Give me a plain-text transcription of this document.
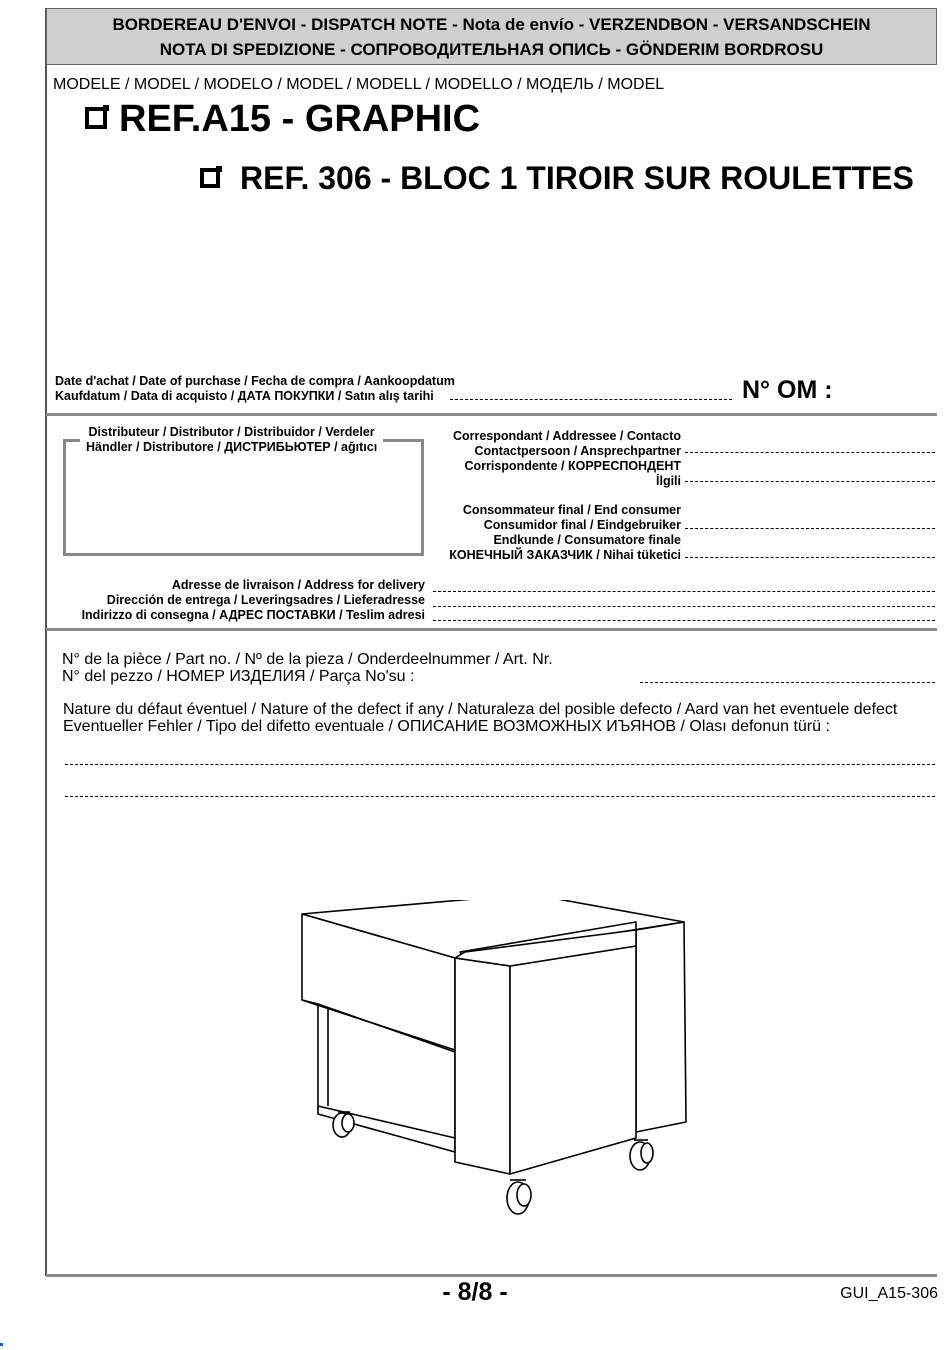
BORDEREAU D'ENVOI - DISPATCH NOTE - Nota de envío - VERZENDBON - VERSANDSCHEIN
NOTA DI SPEDIZIONE - СОПРОВОДИТЕЛЬНАЯ ОПИСЬ - GÖNDERIM BORDROSU
MODELE / MODEL / MODELO / MODEL / MODELL / MODELLO / МОДЕЛЬ / MODEL
REF.A15 - GRAPHIC
REF. 306 - BLOC 1 TIROIR SUR ROULETTES
Date d'achat / Date of purchase / Fecha de compra / Aankoopdatum
Kaufdatum / Data di acquisto / ДАТА ПОКУПКИ / Satın alış tarihi	N° OM :
Distributeur / Distributor / Distribuidor / Verdeler
Händler / Distributore / ДИСТРИБЬЮТЕР / ağıtıcı
Correspondant / Addressee / Contacto
Contactpersoon / Ansprechpartner
Corrispondente / КОРРЕСПОНДЕНТ
İlgili
Consommateur final / End consumer
Consumidor final / Eindgebruiker
Endkunde / Consumatore finale
КОНЕЧНЫЙ ЗАКАЗЧИК / Nihai tüketici
Adresse de livraison / Address for delivery
Dirección de entrega / Leveringsadres / Lieferadresse
Indirizzo di consegna / АДРЕС ПОСТАВКИ / Teslim adresi
N° de la pièce / Part no. / Nº de la pieza / Onderdeelnummer / Art. Nr.
N° del pezzo / НОМЕР ИЗДЕЛИЯ / Parça No'su :
Nature du défaut éventuel / Nature of the defect if any / Naturaleza del posible defecto / Aard van het eventuele defect
Eventueller Fehler / Tipo del difetto eventuale / ОПИСАНИЕ ВОЗМОЖНЫХ ИЪЯНОВ / Olası defonun türü :
- 8/8 -	GUI_A15-306
